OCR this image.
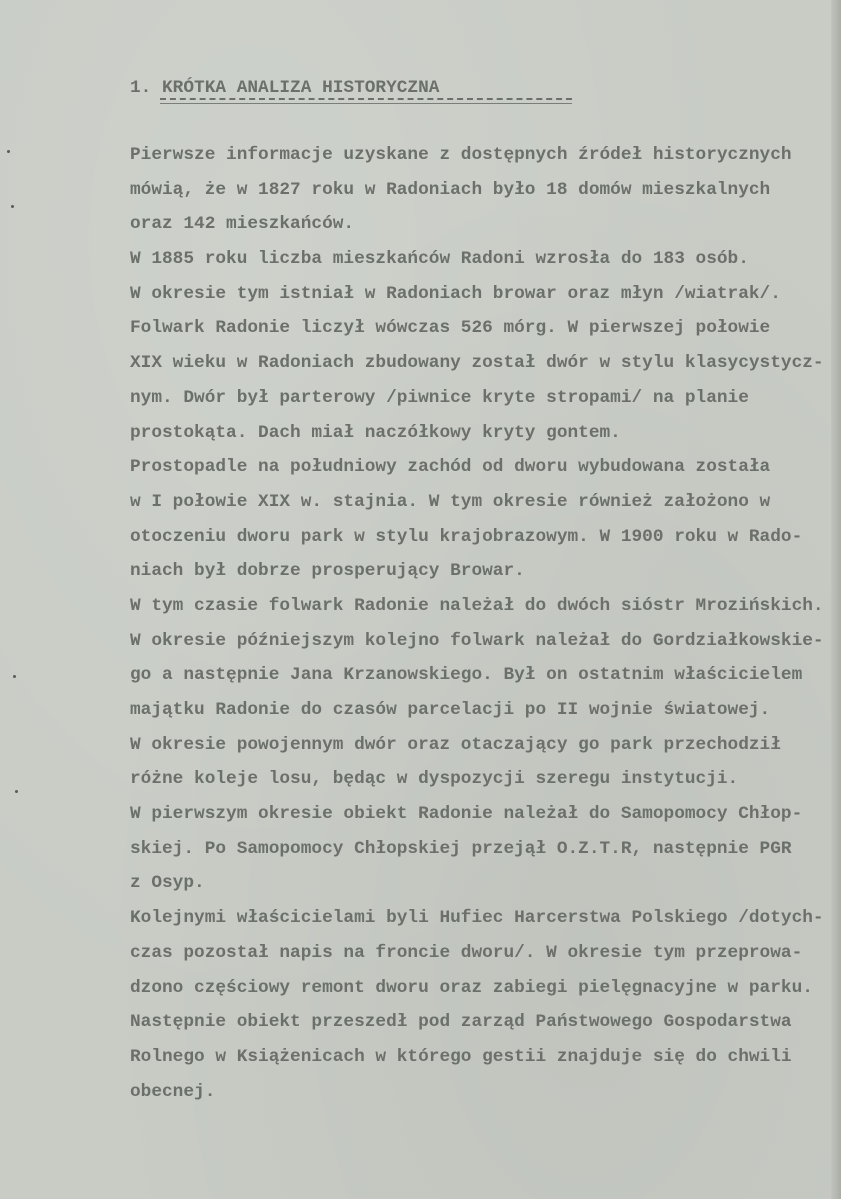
1. KRÓTKA ANALIZA HISTORYCZNA

Pierwsze informacje uzyskane z dostępnych źródeł historycznych
mówią, że w 1827 roku w Radoniach było 18 domów mieszkalnych
oraz 142 mieszkańców.
W 1885 roku liczba mieszkańców Radoni wzrosła do 183 osób.
W okresie tym istniał w Radoniach browar oraz młyn /wiatrak/.
Folwark Radonie liczył wówczas 526 mórg. W pierwszej połowie
XIX wieku w Radoniach zbudowany został dwór w stylu klasycystycz-
nym. Dwór był parterowy /piwnice kryte stropami/ na planie
prostokąta. Dach miał naczółkowy kryty gontem.
Prostopadle na południowy zachód od dworu wybudowana została
w I połowie XIX w. stajnia. W tym okresie również założono w
otoczeniu dworu park w stylu krajobrazowym. W 1900 roku w Rado-
niach był dobrze prosperujący Browar.
W tym czasie folwark Radonie należał do dwóch sióstr Mrozińskich.
W okresie późniejszym kolejno folwark należał do Gordziałkowskie-
go a następnie Jana Krzanowskiego. Był on ostatnim właścicielem
majątku Radonie do czasów parcelacji po II wojnie światowej.
W okresie powojennym dwór oraz otaczający go park przechodził
różne koleje losu, będąc w dyspozycji szeregu instytucji.
W pierwszym okresie obiekt Radonie należał do Samopomocy Chłop-
skiej. Po Samopomocy Chłopskiej przejął O.Z.T.R, następnie PGR
z Osyp.
Kolejnymi właścicielami byli Hufiec Harcerstwa Polskiego /dotych-
czas pozostał napis na froncie dworu/. W okresie tym przeprowa-
dzono częściowy remont dworu oraz zabiegi pielęgnacyjne w parku.
Następnie obiekt przeszedł pod zarząd Państwowego Gospodarstwa
Rolnego w Książenicach w którego gestii znajduje się do chwili
obecnej.
